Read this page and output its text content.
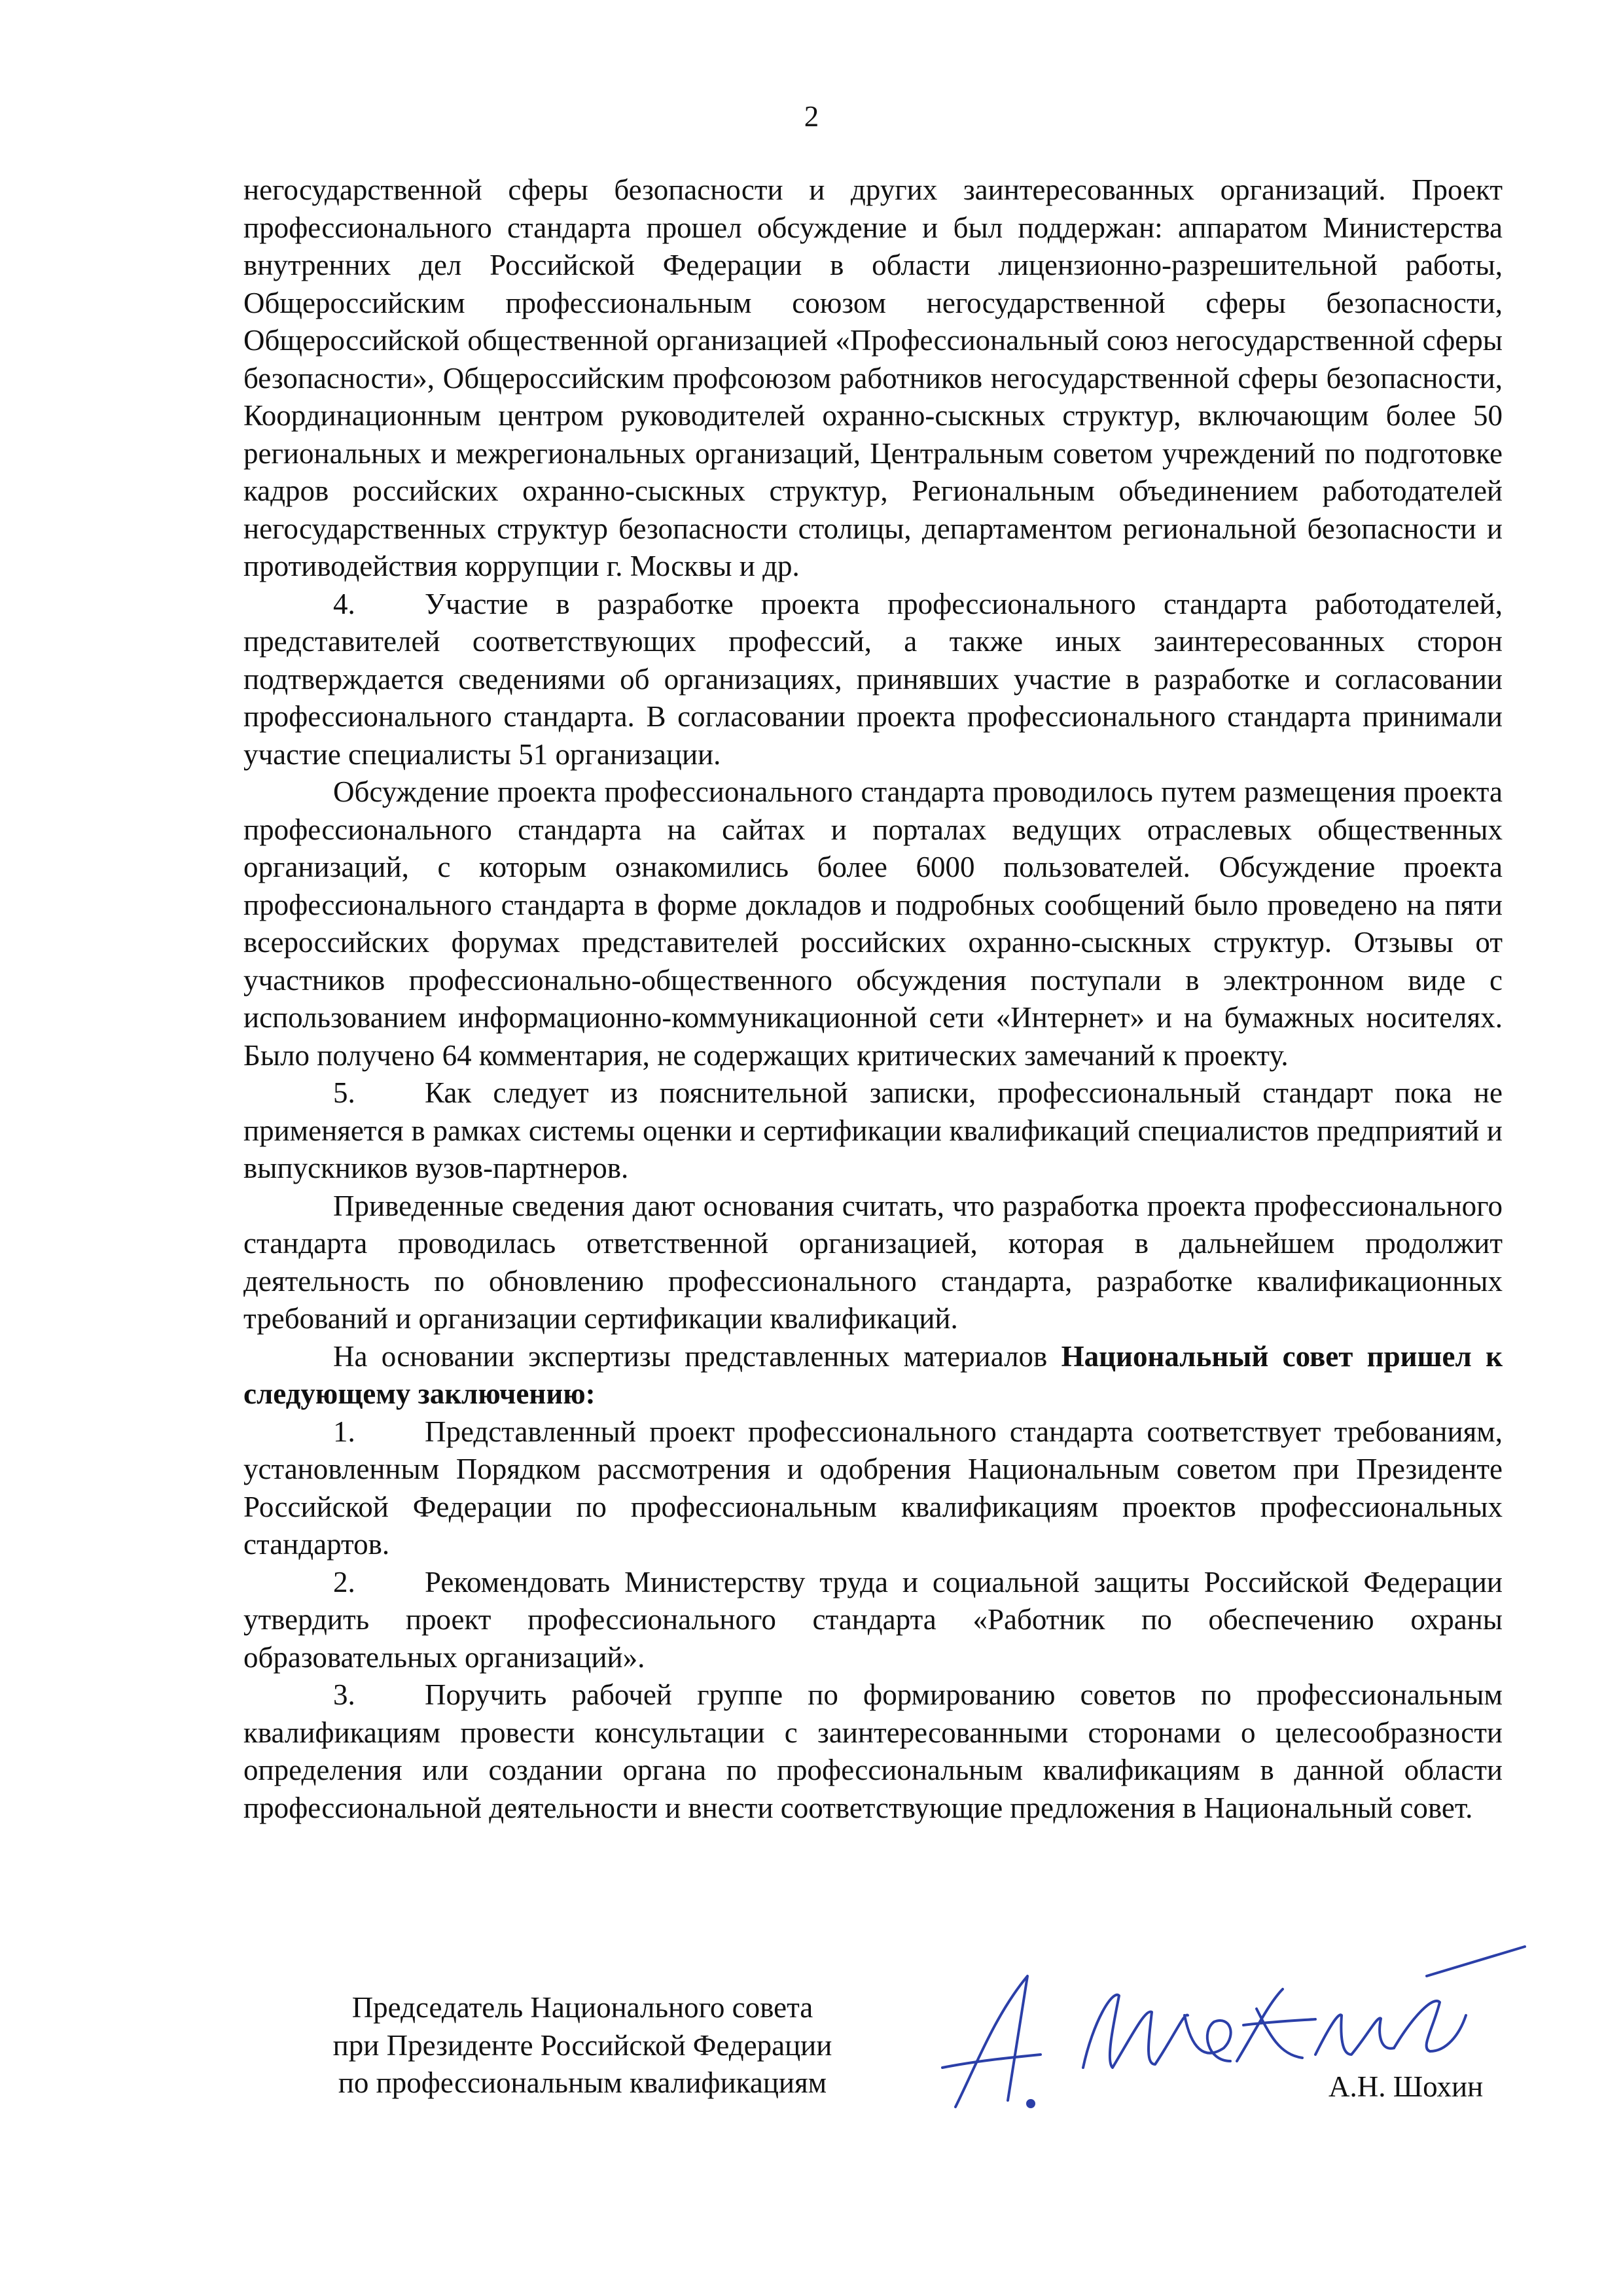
2

негосударственной сферы безопасности и других заинтересованных организаций. Проект профессионального стандарта прошел обсуждение и был поддержан: аппаратом Министерства внутренних дел Российской Федерации в области лицензионно-разрешительной работы, Общероссийским профессиональным союзом негосударственной сферы безопасности, Общероссийской общественной организацией «Профессиональный союз негосударственной сферы безопасности», Общероссийским профсоюзом работников негосударственной сферы безопасности, Координационным центром руководителей охранно-сыскных структур, включающим более 50 региональных и межрегиональных организаций, Центральным советом учреждений по подготовке кадров российских охранно-сыскных структур, Региональным объединением работодателей негосударственных структур безопасности столицы, департаментом региональной безопасности и противодействия коррупции г. Москвы и др.

4. Участие в разработке проекта профессионального стандарта работодателей, представителей соответствующих профессий, а также иных заинтересованных сторон подтверждается сведениями об организациях, принявших участие в разработке и согласовании профессионального стандарта. В согласовании проекта профессионального стандарта принимали участие специалисты 51 организации.

Обсуждение проекта профессионального стандарта проводилось путем размещения проекта профессионального стандарта на сайтах и порталах ведущих отраслевых общественных организаций, с которым ознакомились более 6000 пользователей. Обсуждение проекта профессионального стандарта в форме докладов и подробных сообщений было проведено на пяти всероссийских форумах представителей российских охранно-сыскных структур. Отзывы от участников профессионально-общественного обсуждения поступали в электронном виде с использованием информационно-коммуникационной сети «Интернет» и на бумажных носителях. Было получено 64 комментария, не содержащих критических замечаний к проекту.

5. Как следует из пояснительной записки, профессиональный стандарт пока не применяется в рамках системы оценки и сертификации квалификаций специалистов предприятий и выпускников вузов-партнеров.

Приведенные сведения дают основания считать, что разработка проекта профессионального стандарта проводилась ответственной организацией, которая в дальнейшем продолжит деятельность по обновлению профессионального стандарта, разработке квалификационных требований и организации сертификации квалификаций.

На основании экспертизы представленных материалов Национальный совет пришел к следующему заключению:

1. Представленный проект профессионального стандарта соответствует требованиям, установленным Порядком рассмотрения и одобрения Национальным советом при Президенте Российской Федерации по профессиональным квалификациям проектов профессиональных стандартов.

2. Рекомендовать Министерству труда и социальной защиты Российской Федерации утвердить проект профессионального стандарта «Работник по обеспечению охраны образовательных организаций».

3. Поручить рабочей группе по формированию советов по профессиональным квалификациям провести консультации с заинтересованными сторонами о целесообразности определения или создании органа по профессиональным квалификациям в данной области профессиональной деятельности и внести соответствующие предложения в Национальный совет.

Председатель Национального совета
при Президенте Российской Федерации
по профессиональным квалификациям	А.Н. Шохин
